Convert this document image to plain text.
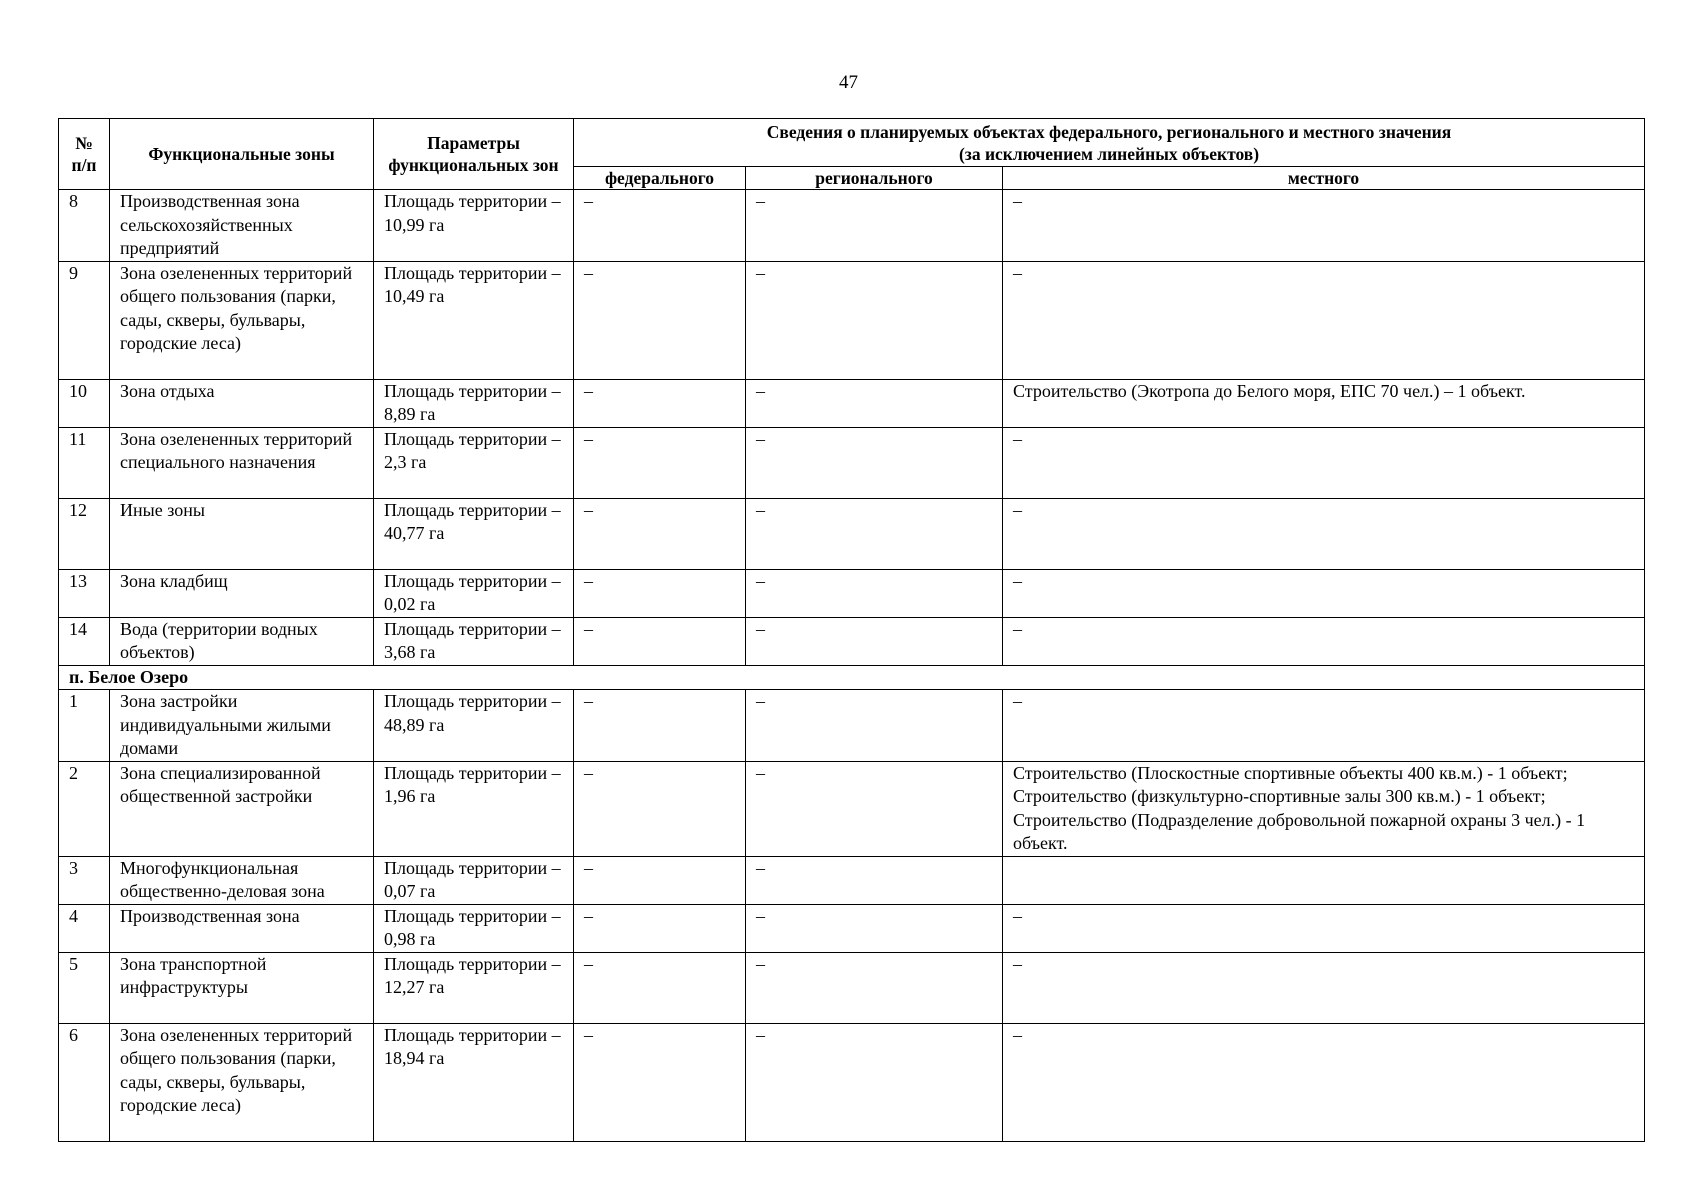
47
№
п/п	Функциональные зоны	Параметры функциональных зон	Сведения о планируемых объектах федерального, регионального и местного значения
(за исключением линейных объектов)		
			федерального	регионального	местного
8	Производственная зона сельскохозяйственных предприятий	Площадь территории – 10,99 га	–	–	–
9	Зона озелененных территорий общего пользования (парки, сады, скверы, бульвары, городские леса)	Площадь территории – 10,49 га	–	–	–
10	Зона отдыха	Площадь территории – 8,89 га	–	–	Строительство (Экотропа до Белого моря, ЕПС 70 чел.) – 1 объект.
11	Зона озелененных территорий специального назначения	Площадь территории – 2,3 га	–	–	–
12	Иные зоны	Площадь территории – 40,77 га	–	–	–
13	Зона кладбищ	Площадь территории – 0,02 га	–	–	–
14	Вода (территории водных объектов)	Площадь территории – 3,68 га	–	–	–
п. Белое Озеро					
1	Зона застройки индивидуальными жилыми домами	Площадь территории – 48,89 га	–	–	–
2	Зона специализированной общественной застройки	Площадь территории – 1,96 га	–	–	Строительство (Плоскостные спортивные объекты 400 кв.м.) - 1 объект;
Строительство (физкультурно-спортивные залы 300 кв.м.) - 1 объект;
Строительство (Подразделение добровольной пожарной охраны 3 чел.) - 1 объект.
3	Многофункциональная общественно-деловая зона	Площадь территории – 0,07 га	–	–	
4	Производственная зона	Площадь территории – 0,98 га	–	–	–
5	Зона транспортной инфраструктуры	Площадь территории – 12,27 га	–	–	–
6	Зона озелененных территорий общего пользования (парки, сады, скверы, бульвары, городские леса)	Площадь территории – 18,94 га	–	–	–
